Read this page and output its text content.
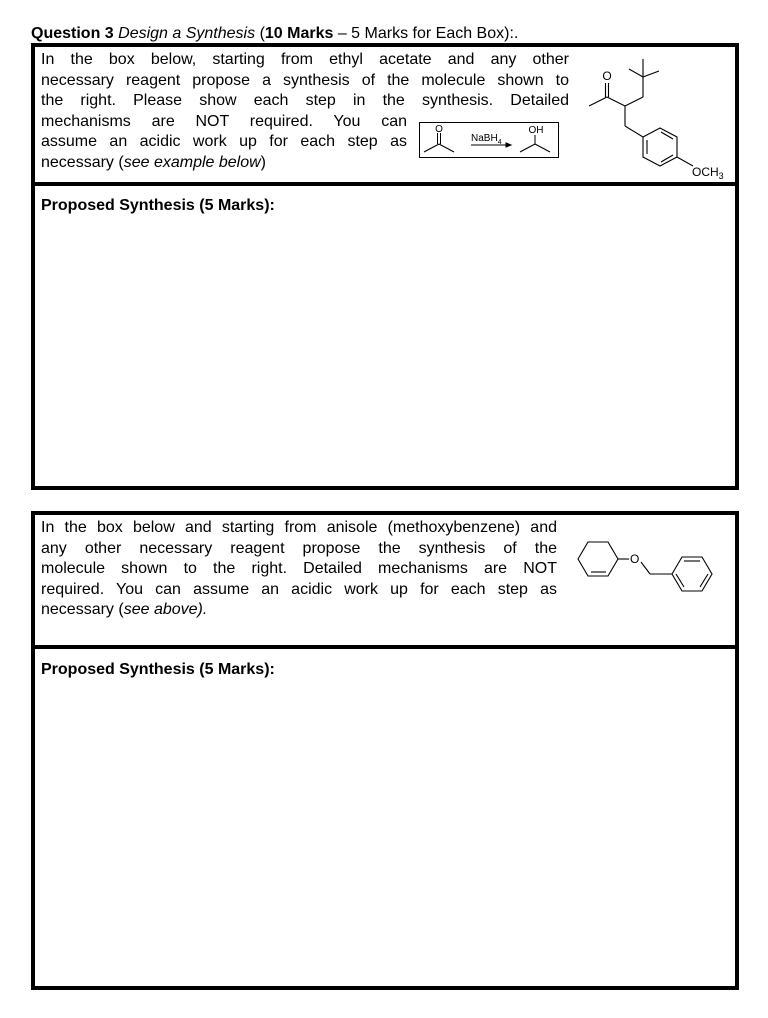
Question 3 Design a Synthesis (10 Marks – 5 Marks for Each Box):.
In the box below, starting from ethyl acetate and any other
necessary reagent propose a synthesis of the molecule shown to
the right. Please show each step in the synthesis. Detailed
mechanisms are NOT required. You can
assume an acidic work up for each step as
necessary (see example below)
O
NaBH$_4$
OH
O
$OCH_3$
Proposed Synthesis (5 Marks):
In the box below and starting from anisole (methoxybenzene) and
any other necessary reagent propose the synthesis of the
molecule shown to the right. Detailed mechanisms are NOT
required. You can assume an acidic work up for each step as
necessary (see above).
O
Proposed Synthesis (5 Marks):
